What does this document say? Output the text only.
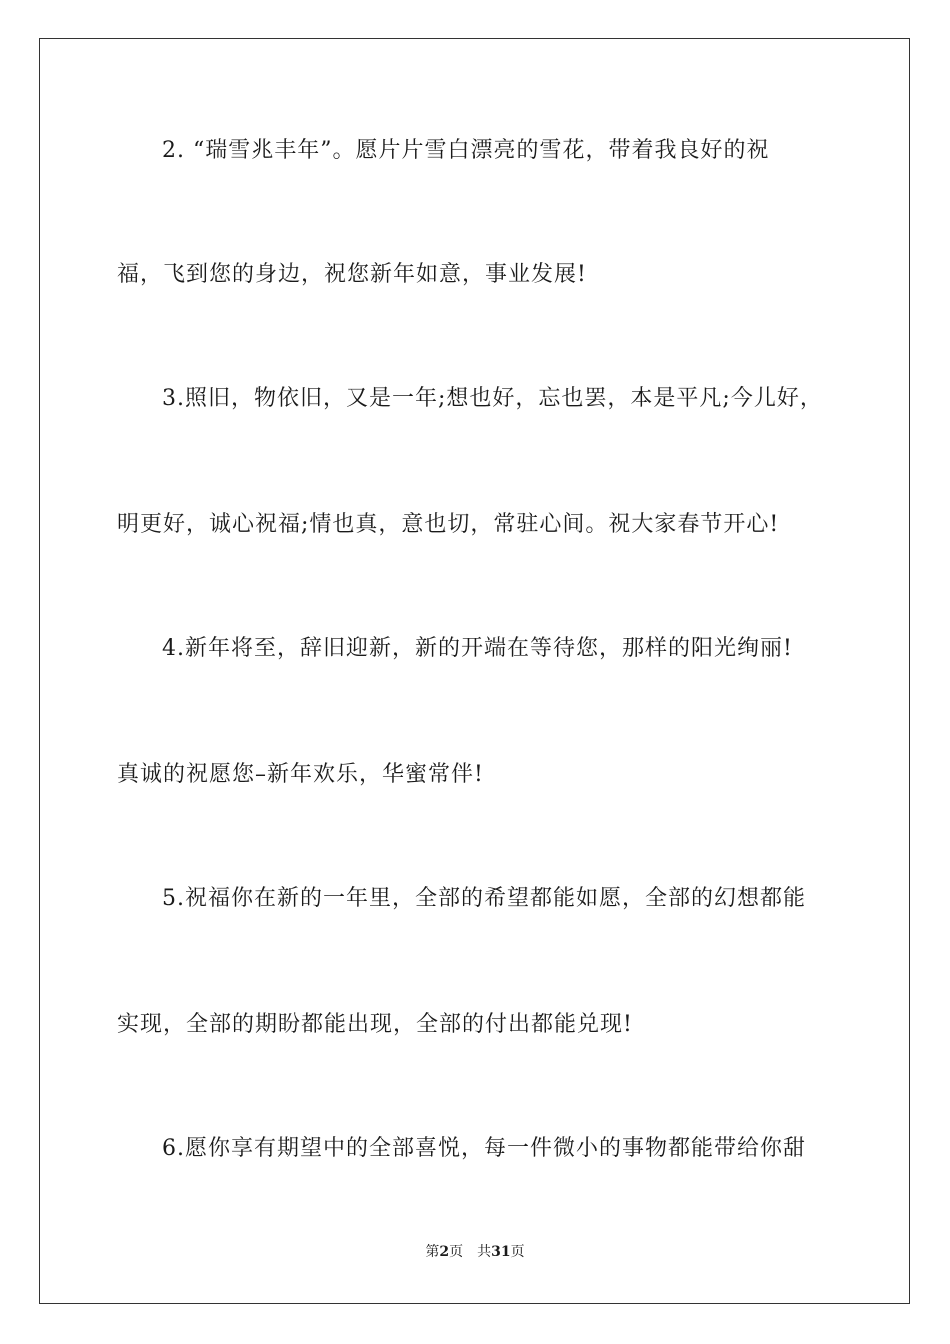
2. “瑞雪兆丰年”。愿片片雪白漂亮的雪花，带着我良好的祝
福，飞到您的身边，祝您新年如意，事业发展!
3.照旧，物依旧，又是一年;想也好，忘也罢，本是平凡;今儿好，
明更好，诚心祝福;情也真，意也切，常驻心间。祝大家春节开心!
4.新年将至，辞旧迎新，新的开端在等待您，那样的阳光绚丽!
真诚的祝愿您–新年欢乐，华蜜常伴!
5.祝福你在新的一年里，全部的希望都能如愿，全部的幻想都能
实现，全部的期盼都能出现，全部的付出都能兑现!
6.愿你享有期望中的全部喜悦，每一件微小的事物都能带给你甜
第2页 共31页
